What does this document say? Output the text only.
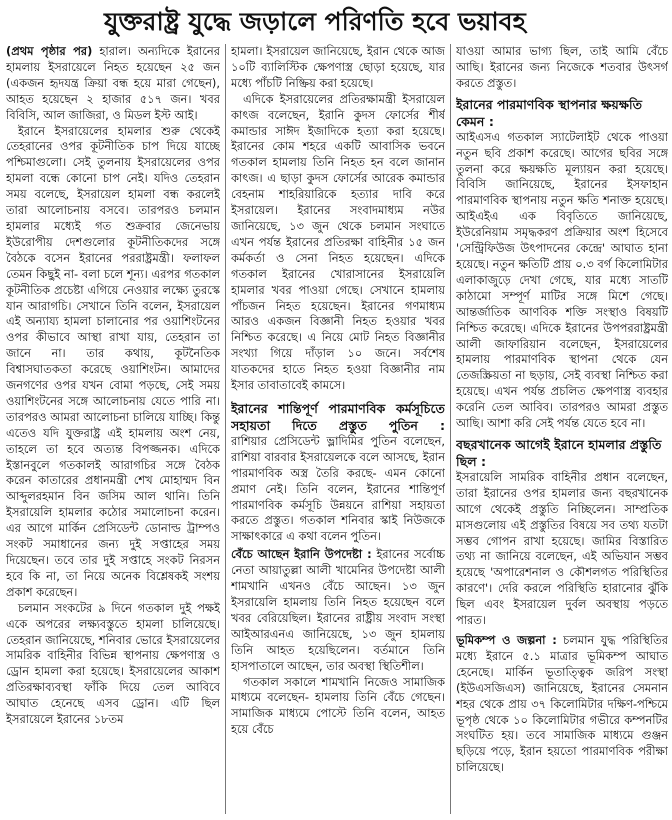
যুক্তরাষ্ট্র যুদ্ধে জড়ালে পরিণতি হবে ভয়াবহ

(প্রথম পৃষ্ঠার পর) হারাল। অন্যদিকে ইরানের হামলায় ইসরায়েলে নিহত হয়েছেন ২৫ জন (একজন হৃদযন্ত্র ক্রিয়া বন্ধ হয়ে মারা গেছেন), আহত হয়েছেন ২ হাজার ৫১৭ জন। খবর বিবিসি, আল জাজিরা, ও মিডল ইস্ট আই।

ইরানে ইসরায়েলের হামলার শুরু থেকেই তেহরানের ওপর কূটনীতিক চাপ দিয়ে যাচ্ছে পশ্চিমাগুলো। সেই তুলনায় ইসরায়েলের ওপর হামলা বন্ধে কোনো চাপ নেই। যদিও তেহরান সময় বলেছে, ইসরায়েল হামলা বন্ধ করলেই তারা আলোচনায় বসবে। তারপরও চলমান হামলার মধ্যেই গত শুক্রবার জেনেভায় ইউরোপীয় দেশগুলোর কূটনীতিকদের সঙ্গে বৈঠকে বসেন ইরানের পররাষ্ট্রমন্ত্রী। ফলাফল তেমন কিছুই না- বলা চলে শূন্য। এরপর গতকাল কূটনীতিক প্রচেষ্টা এগিয়ে নেওয়ার লক্ষ্যে তুরস্কে যান আরাগচি। সেখানে তিনি বলেন, ইসরায়েল এই অন্যায্য হামলা চালানোর পর ওয়াশিংটনের ওপর কীভাবে আস্থা রাখা যায়, তেহরান তা জানে না। তার কথায়, কূটনৈতিক বিশ্বাসঘাতকতা করেছে ওয়াশিংটন। আমাদের জনগণের ওপর যখন বোমা পড়ছে, সেই সময় ওয়াশিংটনের সঙ্গে আলোচনায় যেতে পারি না। তারপরও আমরা আলোচনা চালিয়ে যাচ্ছি। কিন্তু এতেও যদি যুক্তরাষ্ট্র এই হামলায় অংশ নেয়, তাহলে তা হবে অত্যন্ত বিপজ্জনক। এদিকে ইস্তানবুলে গতকালই আরাগচির সঙ্গে বৈঠক করেন কাতারের প্রধানমন্ত্রী শেখ মোহাম্মদ বিন আব্দুলরহমান বিন জসিম আল থানি। তিনি ইসরায়েলি হামলার কঠোর সমালোচনা করেন। এর আগে মার্কিন প্রেসিডেন্ট ডোনাল্ড ট্রাম্পও সংকট সমাধানের জন্য দুই সপ্তাহের সময় দিয়েছেন। তবে তার দুই সপ্তাহে সংকট নিরসন হবে কি না, তা নিয়ে অনেক বিশ্লেষকই সংশয় প্রকাশ করেছেন।

চলমান সংকটের ৯ দিনে গতকাল দুই পক্ষই একে অপরের লক্ষ্যবস্তুতে হামলা চালিয়েছে। তেহরান জানিয়েছে, শনিবার ভোরে ইসরায়েলের সামরিক বাহিনীর বিভিন্ন স্থাপনায় ক্ষেপণাস্ত্র ও ড্রোন হামলা করা হয়েছে। ইসরায়েলের আকাশ প্রতিরক্ষাব্যবস্থা ফাঁকি দিয়ে তেল আবিবে আঘাত হেনেছে এসব ড্রোন। এটি ছিল ইসরায়েলে ইরানের ১৮তম

হামলা। ইসরায়েল জানিয়েছে, ইরান থেকে আজ ১০টি ব্যালিস্টিক ক্ষেপণাস্ত্র ছোড়া হয়েছে, যার মধ্যে পাঁচটি নিষ্ক্রিয় করা হয়েছে।

এদিকে ইসরায়েলের প্রতিরক্ষামন্ত্রী ইসরায়েল কাৎজ বলেছেন, ইরানি কুদস ফোর্সের শীর্ষ কমান্ডার সাঈদ ইজাদিকে হত্যা করা হয়েছে। ইরানের কোম শহরে একটি আবাসিক ভবনে গতকাল হামলায় তিনি নিহত হন বলে জানান কাৎজ। এ ছাড়া কুদস ফোর্সের আরেক কমান্ডার বেহনাম শাহরিয়ারিকে হত্যার দাবি করে ইসরায়েল। ইরানের সংবাদমাধ্যম নউর জানিয়েছে, ১৩ জুন থেকে চলমান সংঘাতে এখন পর্যন্ত ইরানের প্রতিরক্ষা বাহিনীর ১৫ জন কর্মকর্তা ও সেনা নিহত হয়েছেন। এদিকে গতকাল ইরানের খোরাসানের ইসরায়েলি হামলার খবর পাওয়া গেছে। সেখানে হামলায় পাঁচজন নিহত হয়েছেন। ইরানের গণমাধ্যম আরও একজন বিজ্ঞানী নিহত হওয়ার খবর নিশ্চিত করেছে। এ নিয়ে মোট নিহত বিজ্ঞানীর সংখ্যা গিয়ে দাঁড়াল ১০ জনে। সর্বশেষ যাতকদের হাতে নিহত হওয়া বিজ্ঞানীর নাম ইসার তাবাতাবেই কামসে।

ইরানের শান্তিপূর্ণ পারমাণবিক কর্মসূচিতে সহায়তা দিতে প্রস্তুত পুতিন :

রাশিয়ার প্রেসিডেন্ট ভ্লাদিমির পুতিন বলেছেন, রাশিয়া বারবার ইসরায়েলকে বলে আসছে, ইরান পারমাণবিক অস্ত্র তৈরি করছে- এমন কোনো প্রমাণ নেই। তিনি বলেন, ইরানের শান্তিপূর্ণ পারমাণবিক কর্মসূচি উন্নয়নে রাশিয়া সহায়তা করতে প্রস্তুত। গতকাল শনিবার স্কাই নিউজকে সাক্ষাৎকারে এ কথা বলেন পুতিন।

বেঁচে আছেন ইরানি উপদেষ্টা : ইরানের সর্বোচ্চ নেতা আয়াতুল্লা আলী খামেনির উপদেষ্টা আলী শামখানি এখনও বেঁচে আছেন। ১৩ জুন ইসরায়েলি হামলায় তিনি নিহত হয়েছেন বলে খবর বেরিয়েছিল। ইরানের রাষ্ট্রীয় সংবাদ সংস্থা আইআরএনএ জানিয়েছে, ১৩ জুন হামলায় তিনি আহত হয়েছিলেন। বর্তমানে তিনি হাসপাতালে আছেন, তার অবস্থা স্থিতিশীল।

গতকাল সকালে শামখানি নিজেও সামাজিক মাধ্যমে বলেছেন- হামলায় তিনি বেঁচে গেছেন। সামাজিক মাধ্যমে পোস্টে তিনি বলেন, আহত হয়ে বেঁচে

যাওয়া আমার ভাগ্য ছিল, তাই আমি বেঁচে আছি। ইরানের জন্য নিজেকে শতবার উৎসর্গ করতে প্রস্তুত।

ইরানের পারমাণবিক স্থাপনার ক্ষয়ক্ষতি কেমন :

আইএসএ গতকাল স্যাটেলাইট থেকে পাওয়া নতুন ছবি প্রকাশ করেছে। আগের ছবির সঙ্গে তুলনা করে ক্ষয়ক্ষতি মূল্যায়ন করা হয়েছে। বিবিসি জানিয়েছে, ইরানের ইসফাহান পারমাণবিক স্থাপনায় নতুন ক্ষতি শনাক্ত হয়েছে। আইএইএ এক বিবৃতিতে জানিয়েছে, ইউরেনিয়াম সমৃদ্ধকরণ প্রক্রিয়ার অংশ হিসেবে 'সেন্ট্রিফিউজ উৎপাদনের কেন্দ্রে' আঘাত হানা হয়েছে। নতুন ক্ষতিটি প্রায় ০.৩ বর্গ কিলোমিটার এলাকাজুড়ে দেখা গেছে, যার মধ্যে সাতটি কাঠামো সম্পূর্ণ মাটির সঙ্গে মিশে গেছে। আন্তর্জাতিক আণবিক শক্তি সংস্থাও বিষয়টি নিশ্চিত করেছে। এদিকে ইরানের উপপররাষ্ট্রমন্ত্রী আলী জাফারিয়ান বলেছেন, ইসরায়েলের হামলায় পারমাণবিক স্থাপনা থেকে যেন তেজস্ক্রিয়তা না ছড়ায়, সেই ব্যবস্থা নিশ্চিত করা হয়েছে। এখন পর্যন্ত প্রচলিত ক্ষেপণাস্ত্র ব্যবহার করেনি তেল আবিব। তারপরও আমরা প্রস্তুত আছি। আশা করি সেই পর্যন্ত যেতে হবে না।

বছরখানেক আগেই ইরানে হামলার প্রস্তুতি ছিল :

ইসরায়েলি সামরিক বাহিনীর প্রধান বলেছেন, তারা ইরানের ওপর হামলার জন্য বছরখানেক আগে থেকেই প্রস্তুতি নিচ্ছিলেন। সাম্প্রতিক মাসগুলোয় এই প্রস্তুতির বিষয়ে সব তথ্য যতটা সম্ভব গোপন রাখা হয়েছে। জামির বিস্তারিত তথ্য না জানিয়ে বলেছেন, এই অভিযান সম্ভব হয়েছে 'অপারেশনাল ও কৌশলগত পরিস্থিতির কারণে'। দেরি করলে পরিস্থিতি হারানোর ঝুঁকি ছিল এবং ইসরায়েল দুর্বল অবস্থায় পড়তে পারত।

ভূমিকম্প ও জল্পনা : চলমান যুদ্ধ পরিস্থিতির মধ্যে ইরানে ৫.১ মাত্রার ভূমিকম্প আঘাত হেনেছে। মার্কিন ভূতাত্ত্বিক জরিপ সংস্থা (ইউএসজিএস) জানিয়েছে, ইরানের সেমনান শহর থেকে প্রায় ৩৭ কিলোমিটার দক্ষিণ-পশ্চিমে ভূপৃষ্ঠ থেকে ১০ কিলোমিটার গভীরে কম্পনটির সংঘটিত হয়। তবে সামাজিক মাধ্যমে গুঞ্জন ছড়িয়ে পড়ে, ইরান হয়তো পারমাণবিক পরীক্ষা চালিয়েছে।
